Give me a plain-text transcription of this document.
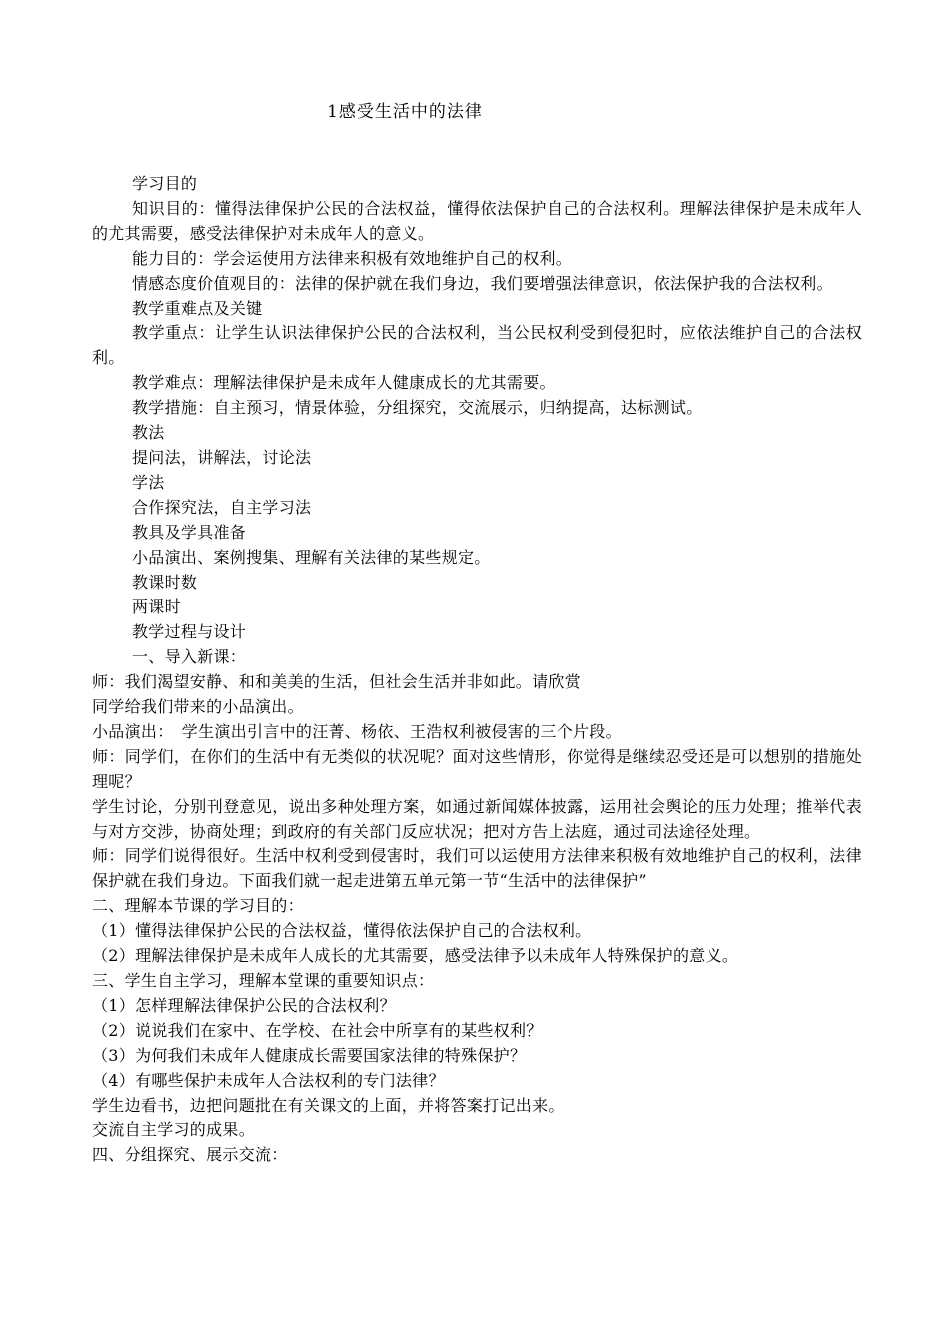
1感受生活中的法律

学习目的

知识目的：懂得法律保护公民的合法权益，懂得依法保护自己的合法权利。理解法律保护是未成年人的尤其需要，感受法律保护对未成年人的意义。

能力目的：学会运使用方法律来积极有效地维护自己的权利。

情感态度价值观目的：法律的保护就在我们身边，我们要增强法律意识，依法保护我的合法权利。

教学重难点及关键

教学重点：让学生认识法律保护公民的合法权利，当公民权利受到侵犯时，应依法维护自己的合法权利。

教学难点：理解法律保护是未成年人健康成长的尤其需要。

教学措施：自主预习，情景体验，分组探究，交流展示，归纳提高，达标测试。

教法

提问法，讲解法，讨论法

学法

合作探究法，自主学习法

教具及学具准备

小品演出、案例搜集、理解有关法律的某些规定。

教课时数

两课时

教学过程与设计

一、导入新课：

师：我们渴望安静、和和美美的生活，但社会生活并非如此。请欣赏

同学给我们带来的小品演出。

小品演出：　学生演出引言中的汪菁、杨依、王浩权利被侵害的三个片段。

师：同学们，在你们的生活中有无类似的状况呢？面对这些情形，你觉得是继续忍受还是可以想别的措施处理呢？

学生讨论，分别刊登意见，说出多种处理方案，如通过新闻媒体披露，运用社会舆论的压力处理；推举代表与对方交涉，协商处理；到政府的有关部门反应状况；把对方告上法庭，通过司法途径处理。

师：同学们说得很好。生活中权利受到侵害时，我们可以运使用方法律来积极有效地维护自己的权利，法律保护就在我们身边。下面我们就一起走进第五单元第一节“生活中的法律保护”

二、理解本节课的学习目的：

（1）懂得法律保护公民的合法权益，懂得依法保护自己的合法权利。

（2）理解法律保护是未成年人成长的尤其需要，感受法律予以未成年人特殊保护的意义。

三、学生自主学习，理解本堂课的重要知识点：

（1）怎样理解法律保护公民的合法权利？

（2）说说我们在家中、在学校、在社会中所享有的某些权利？

（3）为何我们未成年人健康成长需要国家法律的特殊保护？

（4）有哪些保护未成年人合法权利的专门法律？

学生边看书，边把问题批在有关课文的上面，并将答案打记出来。

交流自主学习的成果。

四、分组探究、展示交流：
